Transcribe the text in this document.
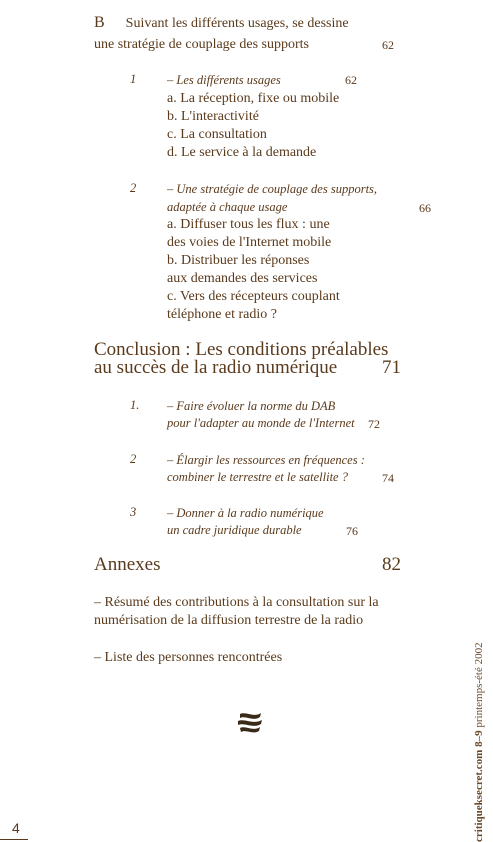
B Suivant les différents usages, se dessine
une stratégie de couplage des supports	62
1 – Les différents usages	62
a. La réception, fixe ou mobile
b. L'interactivité
c. La consultation
d. Le service à la demande
2 – Une stratégie de couplage des supports,
adaptée à chaque usage	66
a. Diffuser tous les flux : une
des voies de l'Internet mobile
b. Distribuer les réponses
aux demandes des services
c. Vers des récepteurs couplant
téléphone et radio ?
Conclusion : Les conditions préalables
au succès de la radio numérique 71
1. – Faire évoluer la norme du DAB
pour l'adapter au monde de l'Internet 72
2 – Élargir les ressources en fréquences :
combiner le terrestre et le satellite ?	74
3 – Donner à la radio numérique
un cadre juridique durable	76
Annexes	82
– Résumé des contributions à la consultation sur la
numérisation de la diffusion terrestre de la radio
– Liste des personnes rencontrées
critiqueksecret.com 8–9 printemps-été 2002
4
